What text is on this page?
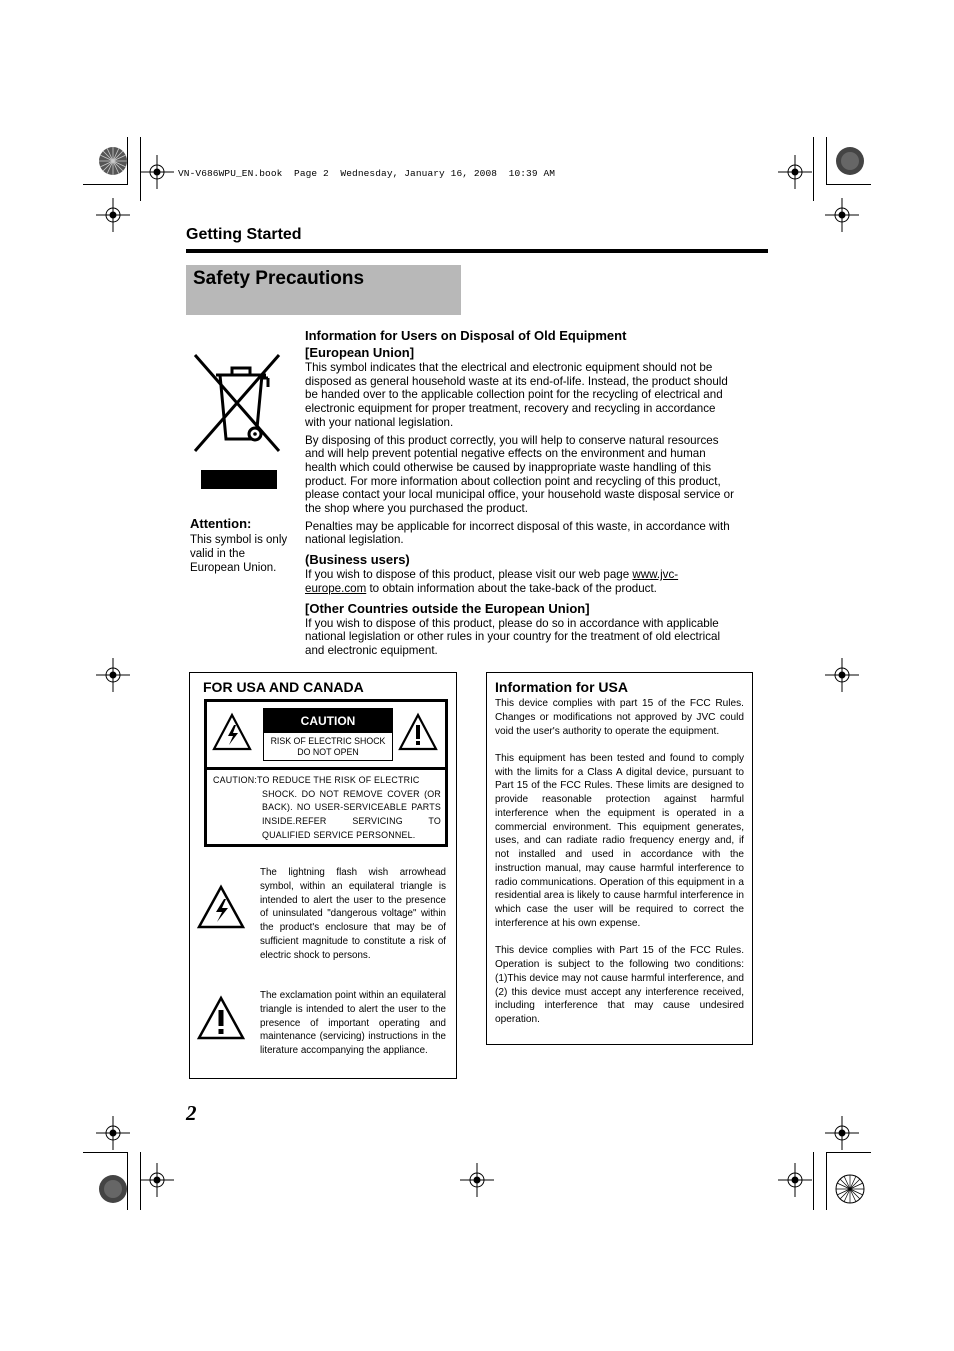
VN-V686WPU_EN.book  Page 2  Wednesday, January 16, 2008  10:39 AM
Getting Started
Safety Precautions
Attention:

This symbol is only valid in the European Union.

Information for Users on Disposal of Old Equipment
[European Union]

This symbol indicates that the electrical and electronic equipment should not be disposed as general household waste at its end-of-life. Instead, the product should be handed over to the applicable collection point for the recycling of electrical and electronic equipment for proper treatment, recovery and recycling in accordance with your national legislation.

By disposing of this product correctly, you will help to conserve natural resources and will help prevent potential negative effects on the environment and human health which could otherwise be caused by inappropriate waste handling of this product. For more information about collection point and recycling of this product, please contact your local municipal office, your household waste disposal service or the shop where you purchased the product.

Penalties may be applicable for incorrect disposal of this waste, in accordance with national legislation.

(Business users)

If you wish to dispose of this product, please visit our web page www.jvc-europe.com to obtain information about the take-back of the product.

[Other Countries outside the European Union]

If you wish to dispose of this product, please do so in accordance with applicable national legislation or other rules in your country for the treatment of old electrical and electronic equipment.

FOR USA AND CANADA
CAUTION
RISK OF ELECTRIC SHOCK DO NOT OPEN
CAUTION:TO REDUCE THE RISK OF ELECTRIC
SHOCK. DO NOT REMOVE COVER (OR BACK). NO USER-SERVICEABLE PARTS INSIDE.REFER SERVICING TO QUALIFIED SERVICE PERSONNEL.

The lightning flash wish arrowhead symbol, within an equilateral triangle is intended to alert the user to the presence of uninsulated "dangerous voltage" within the product's enclosure that may be of sufficient magnitude to constitute a risk of electric shock to persons.

The exclamation point within an equilateral triangle is intended to alert the user to the presence of important operating and maintenance (servicing) instructions in the literature accompanying the appliance.

Information for USA

This device complies with part 15 of the FCC Rules. Changes or modifications not approved by JVC could void the user's authority to operate the equipment.

This equipment has been tested and found to comply with the limits for a Class A digital device, pursuant to Part 15 of the FCC Rules. These limits are designed to provide reasonable protection against harmful interference when the equipment is operated in a commercial environment. This equipment generates, uses, and can radiate radio frequency energy and, if not installed and used in accordance with the instruction manual, may cause harmful interference to radio communications. Operation of this equipment in a residential area is likely to cause harmful interference in which case the user will be required to correct the interference at his own expense.

This device complies with Part 15 of the FCC Rules. Operation is subject to the following two conditions: (1)This device may not cause harmful interference, and (2) this device must accept any interference received, including interference that may cause undesired operation.

2
